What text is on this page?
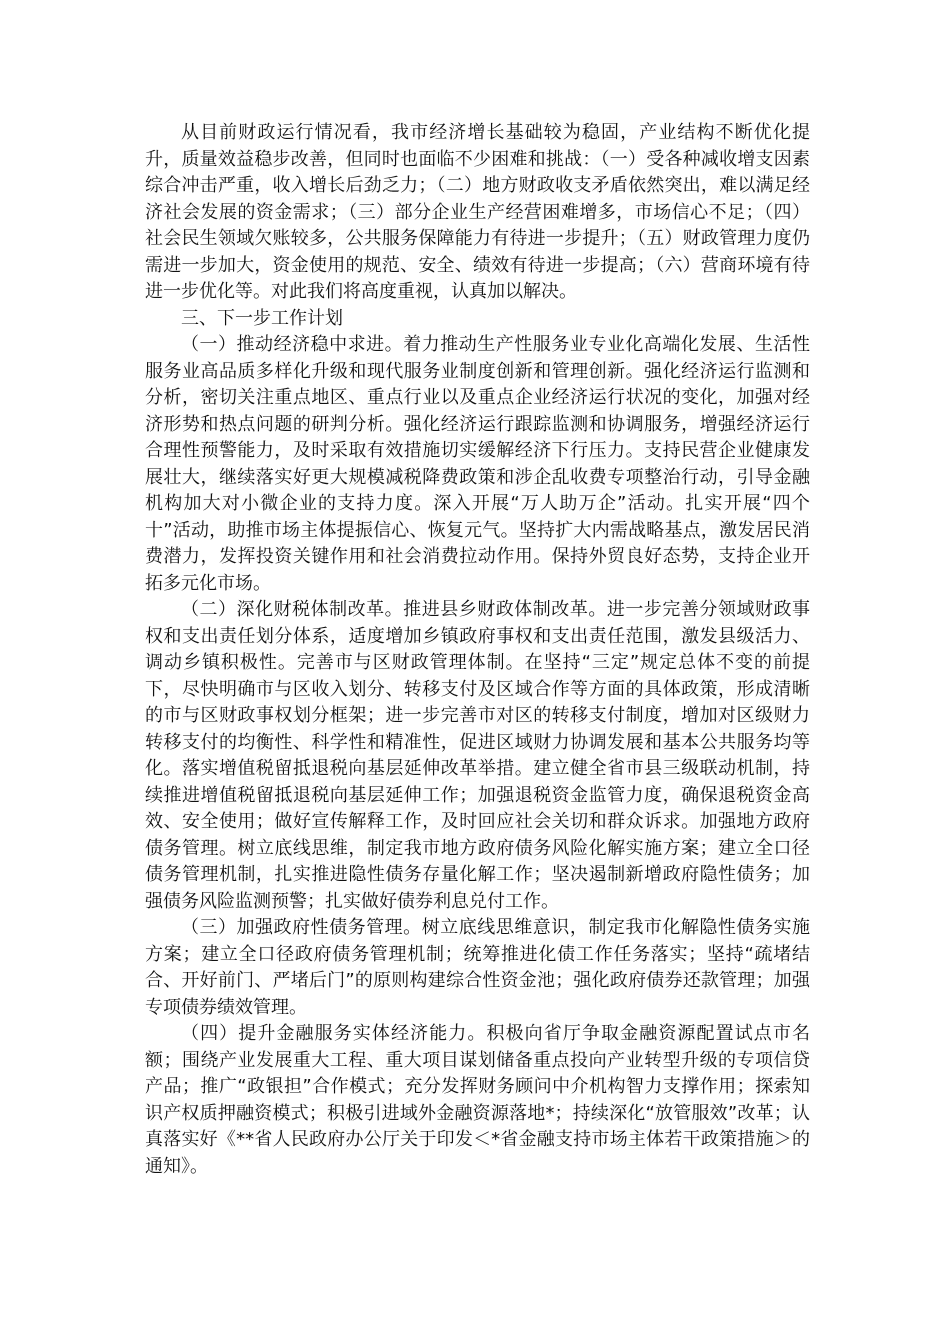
从目前财政运行情况看，我市经济增长基础较为稳固，产业结构不断优化提升，质量效益稳步改善，但同时也面临不少困难和挑战：（一）受各种减收增支因素综合冲击严重，收入增长后劲乏力；（二）地方财政收支矛盾依然突出，难以满足经济社会发展的资金需求；（三）部分企业生产经营困难增多，市场信心不足；（四）社会民生领域欠账较多，公共服务保障能力有待进一步提升；（五）财政管理力度仍需进一步加大，资金使用的规范、安全、绩效有待进一步提高；（六）营商环境有待进一步优化等。对此我们将高度重视，认真加以解决。

三、下一步工作计划

（一）推动经济稳中求进。着力推动生产性服务业专业化高端化发展、生活性服务业高品质多样化升级和现代服务业制度创新和管理创新。强化经济运行监测和分析，密切关注重点地区、重点行业以及重点企业经济运行状况的变化，加强对经济形势和热点问题的研判分析。强化经济运行跟踪监测和协调服务，增强经济运行合理性预警能力，及时采取有效措施切实缓解经济下行压力。支持民营企业健康发展壮大，继续落实好更大规模减税降费政策和涉企乱收费专项整治行动，引导金融机构加大对小微企业的支持力度。深入开展“万人助万企”活动。扎实开展“四个十”活动，助推市场主体提振信心、恢复元气。坚持扩大内需战略基点，激发居民消费潜力，发挥投资关键作用和社会消费拉动作用。保持外贸良好态势，支持企业开拓多元化市场。

（二）深化财税体制改革。推进县乡财政体制改革。进一步完善分领域财政事权和支出责任划分体系，适度增加乡镇政府事权和支出责任范围，激发县级活力、调动乡镇积极性。完善市与区财政管理体制。在坚持“三定”规定总体不变的前提下，尽快明确市与区收入划分、转移支付及区域合作等方面的具体政策，形成清晰的市与区财政事权划分框架；进一步完善市对区的转移支付制度，增加对区级财力转移支付的均衡性、科学性和精准性，促进区域财力协调发展和基本公共服务均等化。落实增值税留抵退税向基层延伸改革举措。建立健全省市县三级联动机制，持续推进增值税留抵退税向基层延伸工作；加强退税资金监管力度，确保退税资金高效、安全使用；做好宣传解释工作，及时回应社会关切和群众诉求。加强地方政府债务管理。树立底线思维，制定我市地方政府债务风险化解实施方案；建立全口径债务管理机制，扎实推进隐性债务存量化解工作；坚决遏制新增政府隐性债务；加强债务风险监测预警；扎实做好债券利息兑付工作。

（三）加强政府性债务管理。树立底线思维意识，制定我市化解隐性债务实施方案；建立全口径政府债务管理机制；统筹推进化债工作任务落实；坚持“疏堵结合、开好前门、严堵后门”的原则构建综合性资金池；强化政府债券还款管理；加强专项债券绩效管理。

（四）提升金融服务实体经济能力。积极向省厅争取金融资源配置试点市名额；围绕产业发展重大工程、重大项目谋划储备重点投向产业转型升级的专项信贷产品；推广“政银担”合作模式；充分发挥财务顾问中介机构智力支撑作用；探索知识产权质押融资模式；积极引进域外金融资源落地*；持续深化“放管服效”改革；认真落实好《**省人民政府办公厅关于印发＜*省金融支持市场主体若干政策措施＞的通知》。
